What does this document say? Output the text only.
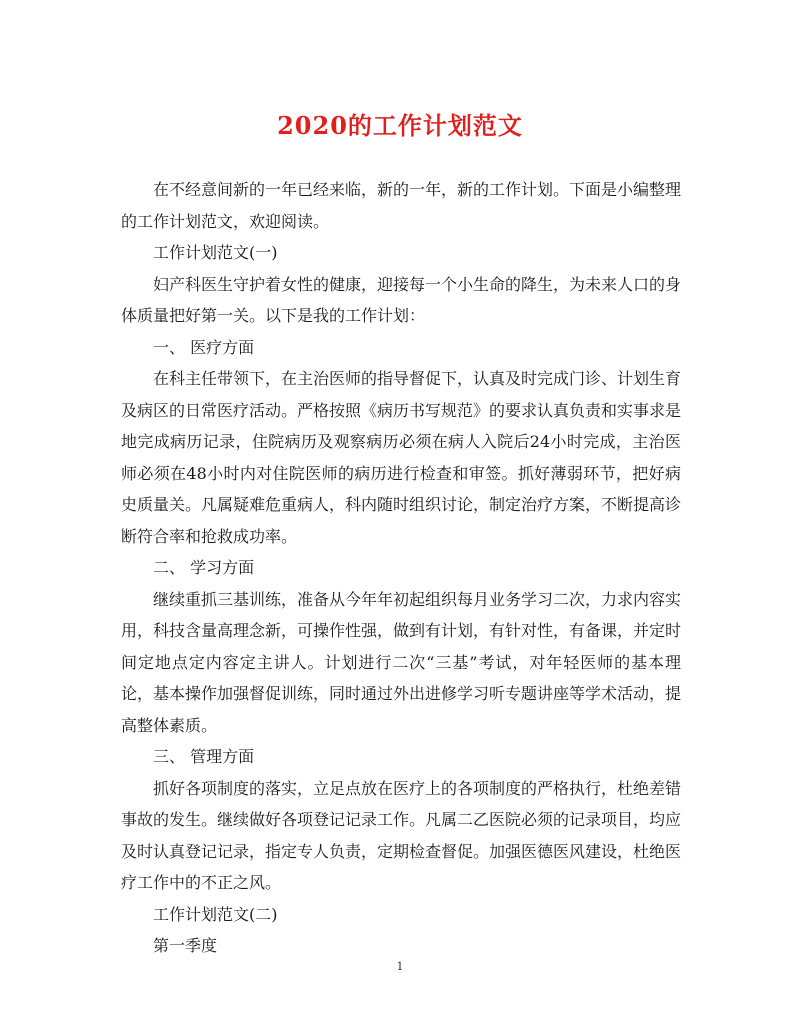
2020的工作计划范文

在不经意间新的一年已经来临，新的一年，新的工作计划。下面是小编整理的工作计划范文，欢迎阅读。

工作计划范文(一)

妇产科医生守护着女性的健康，迎接每一个小生命的降生，为未来人口的身体质量把好第一关。以下是我的工作计划：

一、 医疗方面

在科主任带领下，在主治医师的指导督促下，认真及时完成门诊、计划生育及病区的日常医疗活动。严格按照《病历书写规范》的要求认真负责和实事求是地完成病历记录，住院病历及观察病历必须在病人入院后24小时完成，主治医师必须在48小时内对住院医师的病历进行检查和审签。抓好薄弱环节，把好病史质量关。凡属疑难危重病人，科内随时组织讨论，制定治疗方案，不断提高诊断符合率和抢救成功率。

二、 学习方面

继续重抓三基训练，准备从今年年初起组织每月业务学习二次，力求内容实用，科技含量高理念新，可操作性强，做到有计划，有针对性，有备课，并定时间定地点定内容定主讲人。计划进行二次“三基”考试，对年轻医师的基本理论，基本操作加强督促训练，同时通过外出进修学习听专题讲座等学术活动，提高整体素质。

三、 管理方面

抓好各项制度的落实，立足点放在医疗上的各项制度的严格执行，杜绝差错事故的发生。继续做好各项登记记录工作。凡属二乙医院必须的记录项目，均应及时认真登记记录，指定专人负责，定期检查督促。加强医德医风建设，杜绝医疗工作中的不正之风。

工作计划范文(二)

第一季度

1
